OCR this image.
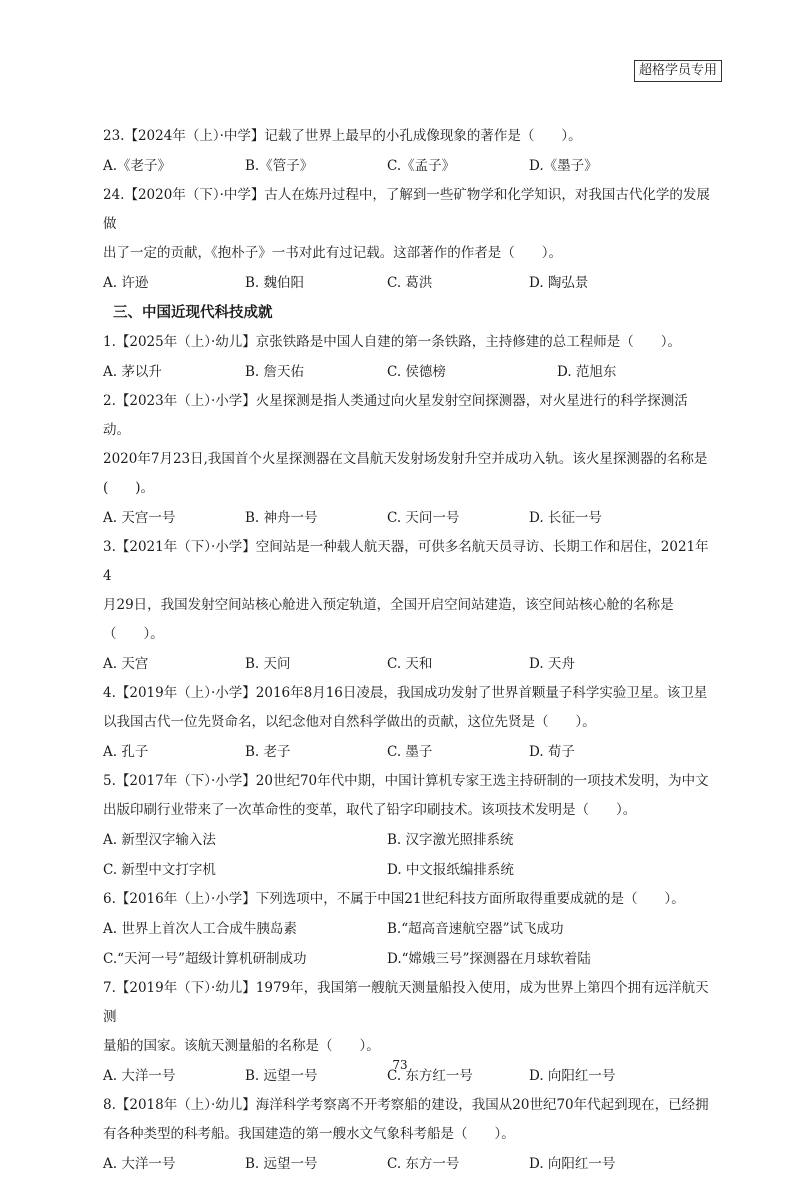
超格学员专用

23.【2024年（上）·中学】记载了世界上最早的小孔成像现象的著作是（　　）。

A.《老子》	B.《管子》	C.《孟子》	D.《墨子》

24.【2020年（下）·中学】古人在炼丹过程中，了解到一些矿物学和化学知识，对我国古代化学的发展做

出了一定的贡献，《抱朴子》一书对此有过记载。这部著作的作者是（　　）。

A. 许逊	B. 魏伯阳	C. 葛洪	D. 陶弘景

三、中国近现代科技成就

1.【2025年（上）·幼儿】京张铁路是中国人自建的第一条铁路，主持修建的总工程师是（　　）。

A. 茅以升	B. 詹天佑	C. 侯德榜	D. 范旭东

2.【2023年（上）·小学】火星探测是指人类通过向火星发射空间探测器，对火星进行的科学探测活动。

2020年7月23日,我国首个火星探测器在文昌航天发射场发射升空并成功入轨。该火星探测器的名称是(　　)。

A. 天宫一号	B. 神舟一号	C. 天问一号	D. 长征一号

3.【2021年（下）·小学】空间站是一种载人航天器，可供多名航天员寻访、长期工作和居住，2021年4

月29日，我国发射空间站核心舱进入预定轨道，全国开启空间站建造，该空间站核心舱的名称是（　　）。

A. 天宫	B. 天问	C. 天和	D. 天舟

4.【2019年（上）·小学】2016年8月16日凌晨，我国成功发射了世界首颗量子科学实验卫星。该卫星

以我国古代一位先贤命名，以纪念他对自然科学做出的贡献，这位先贤是（　　）。

A. 孔子	B. 老子	C. 墨子	D. 荀子

5.【2017年（下）·小学】20世纪70年代中期，中国计算机专家王选主持研制的一项技术发明，为中文

出版印刷行业带来了一次革命性的变革，取代了铅字印刷技术。该项技术发明是（　　）。

A. 新型汉字输入法	B. 汉字激光照排系统
C. 新型中文打字机	D. 中文报纸编排系统

6.【2016年（上）·小学】下列选项中，不属于中国21世纪科技方面所取得重要成就的是（　　）。

A. 世界上首次人工合成牛胰岛素	B.“超高音速航空器”试飞成功
C.“天河一号”超级计算机研制成功	D.“嫦娥三号”探测器在月球软着陆

7.【2019年（下）·幼儿】1979年，我国第一艘航天测量船投入使用，成为世界上第四个拥有远洋航天测

量船的国家。该航天测量船的名称是（　　）。

A. 大洋一号	B. 远望一号	C. 东方红一号	D. 向阳红一号

8.【2018年（上）·幼儿】海洋科学考察离不开考察船的建设，我国从20世纪70年代起到现在，已经拥

有各种类型的科考船。我国建造的第一艘水文气象科考船是（　　）。

A. 大洋一号	B. 远望一号	C. 东方一号	D. 向阳红一号
73
